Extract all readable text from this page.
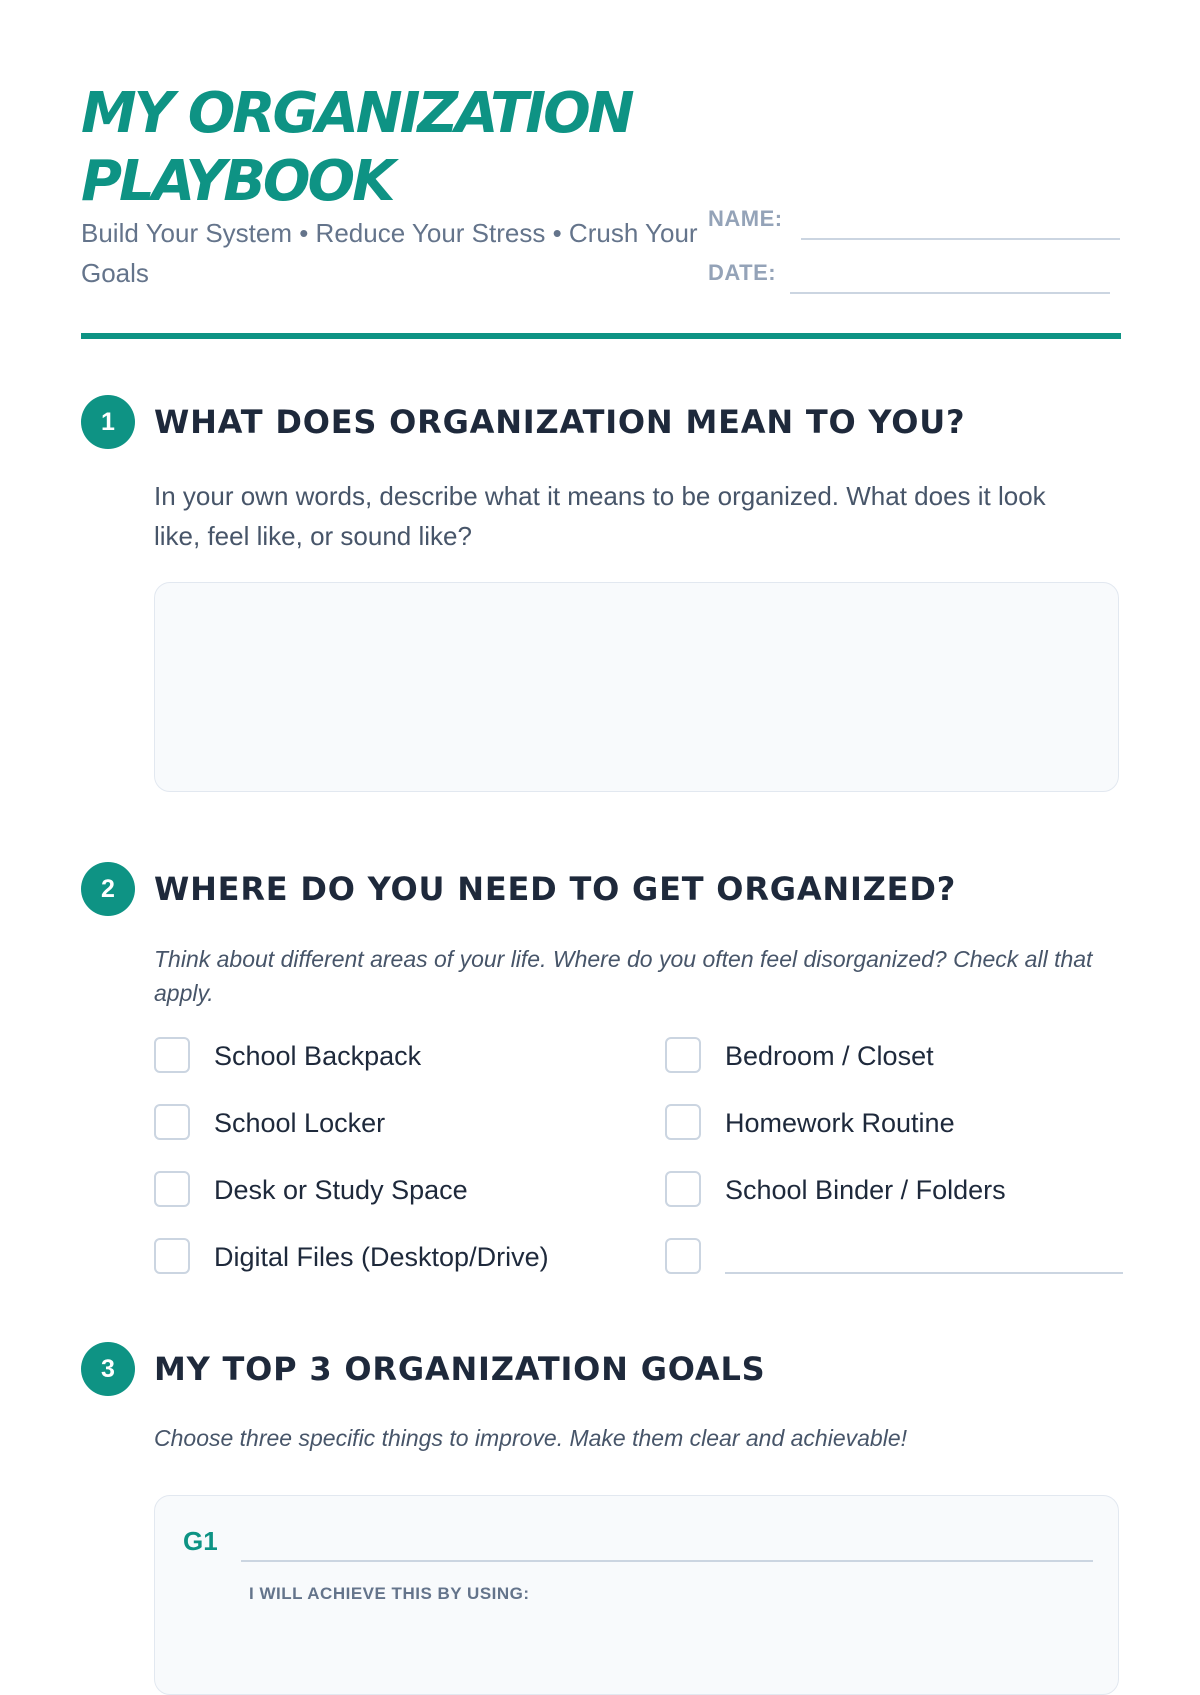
MY ORGANIZATION
PLAYBOOK

Build Your System • Reduce Your Stress • Crush Your Goals

NAME:
DATE:
1	WHAT DOES ORGANIZATION MEAN TO YOU?

In your own words, describe what it means to be organized. What does it look like, feel like, or sound like?

2	WHERE DO YOU NEED TO GET ORGANIZED?

Think about different areas of your life. Where do you often feel disorganized? Check all that apply.

School Backpack
School Locker
Desk or Study Space
Digital Files (Desktop/Drive)
Bedroom / Closet
Homework Routine
School Binder / Folders
3	MY TOP 3 ORGANIZATION GOALS

Choose three specific things to improve. Make them clear and achievable!

G1
I WILL ACHIEVE THIS BY USING:
